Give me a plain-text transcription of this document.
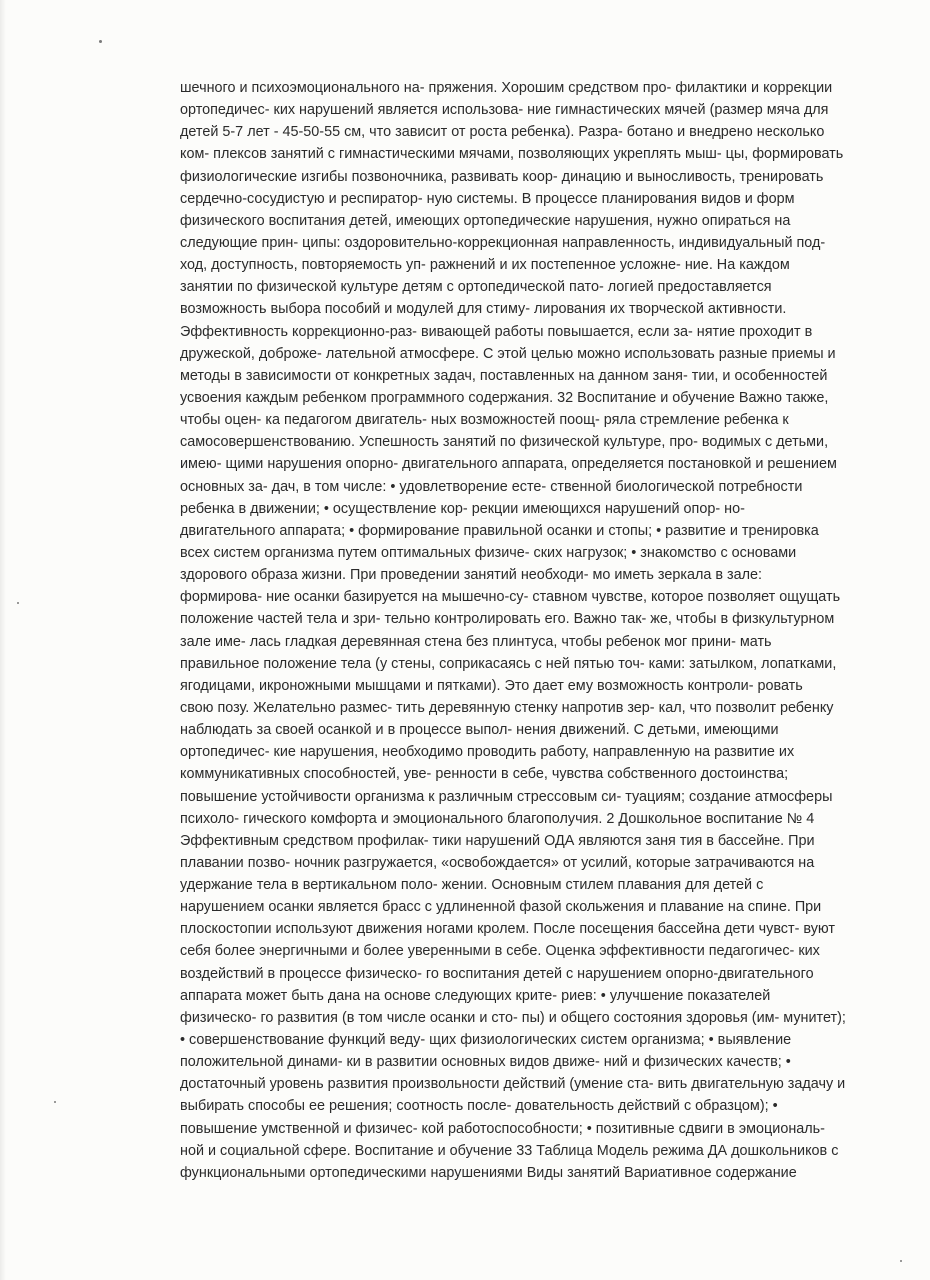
шечного и психоэмоционального на- пряжения. Хорошим средством про- филактики и коррекции
ортопедичес- ких нарушений является использова- ние гимнастических мячей (размер мяча для
детей 5-7 лет - 45-50-55 см, что зависит от роста ребенка). Разра- ботано и внедрено несколько
ком- плексов занятий с гимнастическими мячами, позволяющих укреплять мыш- цы, формировать
физиологические изгибы позвоночника, развивать коор- динацию и выносливость, тренировать
сердечно-сосудистую и респиратор- ную системы. В процессе планирования видов и форм
физического воспитания детей, имеющих ортопедические нарушения, нужно опираться на
следующие прин- ципы: оздоровительно-коррекционная направленность, индивидуальный под-
ход, доступность, повторяемость уп- ражнений и их постепенное усложне- ние. На каждом
занятии по физической культуре детям с ортопедической пато- логией предоставляется
возможность выбора пособий и модулей для стиму- лирования их творческой активности.
Эффективность коррекционно-раз- вивающей работы повышается, если за- нятие проходит в
дружеской, доброже- лательной атмосфере. С этой целью можно использовать разные приемы и
методы в зависимости от конкретных задач, поставленных на данном заня- тии, и особенностей
усвоения каждым ребенком программного содержания. 32 Воспитание и обучение Важно также,
чтобы оцен- ка педагогом двигатель- ных возможностей поощ- ряла стремление ребенка к
самосовершенствованию. Успешность занятий по физической культуре, про- водимых с детьми,
имею- щими нарушения опорно- двигательного аппарата, определяется постановкой и решением
основных за- дач, в том числе: • удовлетворение есте- ственной биологической потребности
ребенка в движении; • осуществление кор- рекции имеющихся нарушений опор- но-
двигательного аппарата; • формирование правильной осанки и стопы; • развитие и тренировка
всех систем организма путем оптимальных физиче- ских нагрузок; • знакомство с основами
здорового образа жизни. При проведении занятий необходи- мо иметь зеркала в зале:
формирова- ние осанки базируется на мышечно-су- ставном чувстве, которое позволяет ощущать
положение частей тела и зри- тельно контролировать его. Важно так- же, чтобы в физкультурном
зале име- лась гладкая деревянная стена без плинтуса, чтобы ребенок мог прини- мать
правильное положение тела (у стены, соприкасаясь с ней пятью точ- ками: затылком, лопатками,
ягодицами, икроножными мышцами и пятками). Это дает ему возможность контроли- ровать
свою позу. Желательно размес- тить деревянную стенку напротив зер- кал, что позволит ребенку
наблюдать за своей осанкой и в процессе выпол- нения движений. С детьми, имеющими
ортопедичес- кие нарушения, необходимо проводить работу, направленную на развитие их
коммуникативных способностей, уве- ренности в себе, чувства собственного достоинства;
повышение устойчивости организма к различным стрессовым си- туациям; создание атмосферы
психоло- гического комфорта и эмоционального благополучия. 2 Дошкольное воспитание № 4
Эффективным средством профилак- тики нарушений ОДА являются заня тия в бассейне. При
плавании позво- ночник разгружается, «освобождается» от усилий, которые затрачиваются на
удержание тела в вертикальном поло- жении. Основным стилем плавания для детей с
нарушением осанки является брасс с удлиненной фазой скольжения и плавание на спине. При
плоскостопии используют движения ногами кролем. После посещения бассейна дети чувст- вуют
себя более энергичными и более уверенными в себе. Оценка эффективности педагогичес- ких
воздействий в процессе физическо- го воспитания детей с нарушением опорно-двигательного
аппарата может быть дана на основе следующих крите- риев: • улучшение показателей
физическо- го развития (в том числе осанки и сто- пы) и общего состояния здоровья (им- мунитет);
• совершенствование функций веду- щих физиологических систем организма; • выявление
положительной динами- ки в развитии основных видов движе- ний и физических качеств; •
достаточный уровень развития произвольности действий (умение ста- вить двигательную задачу и
выбирать способы ее решения; соотность после- довательность действий с образцом); •
повышение умственной и физичес- кой работоспособности; • позитивные сдвиги в эмоциональ-
ной и социальной сфере. Воспитание и обучение 33 Таблица Модель режима ДА дошкольников с
функциональными ортопедическими нарушениями Виды занятий Вариативное содержание
